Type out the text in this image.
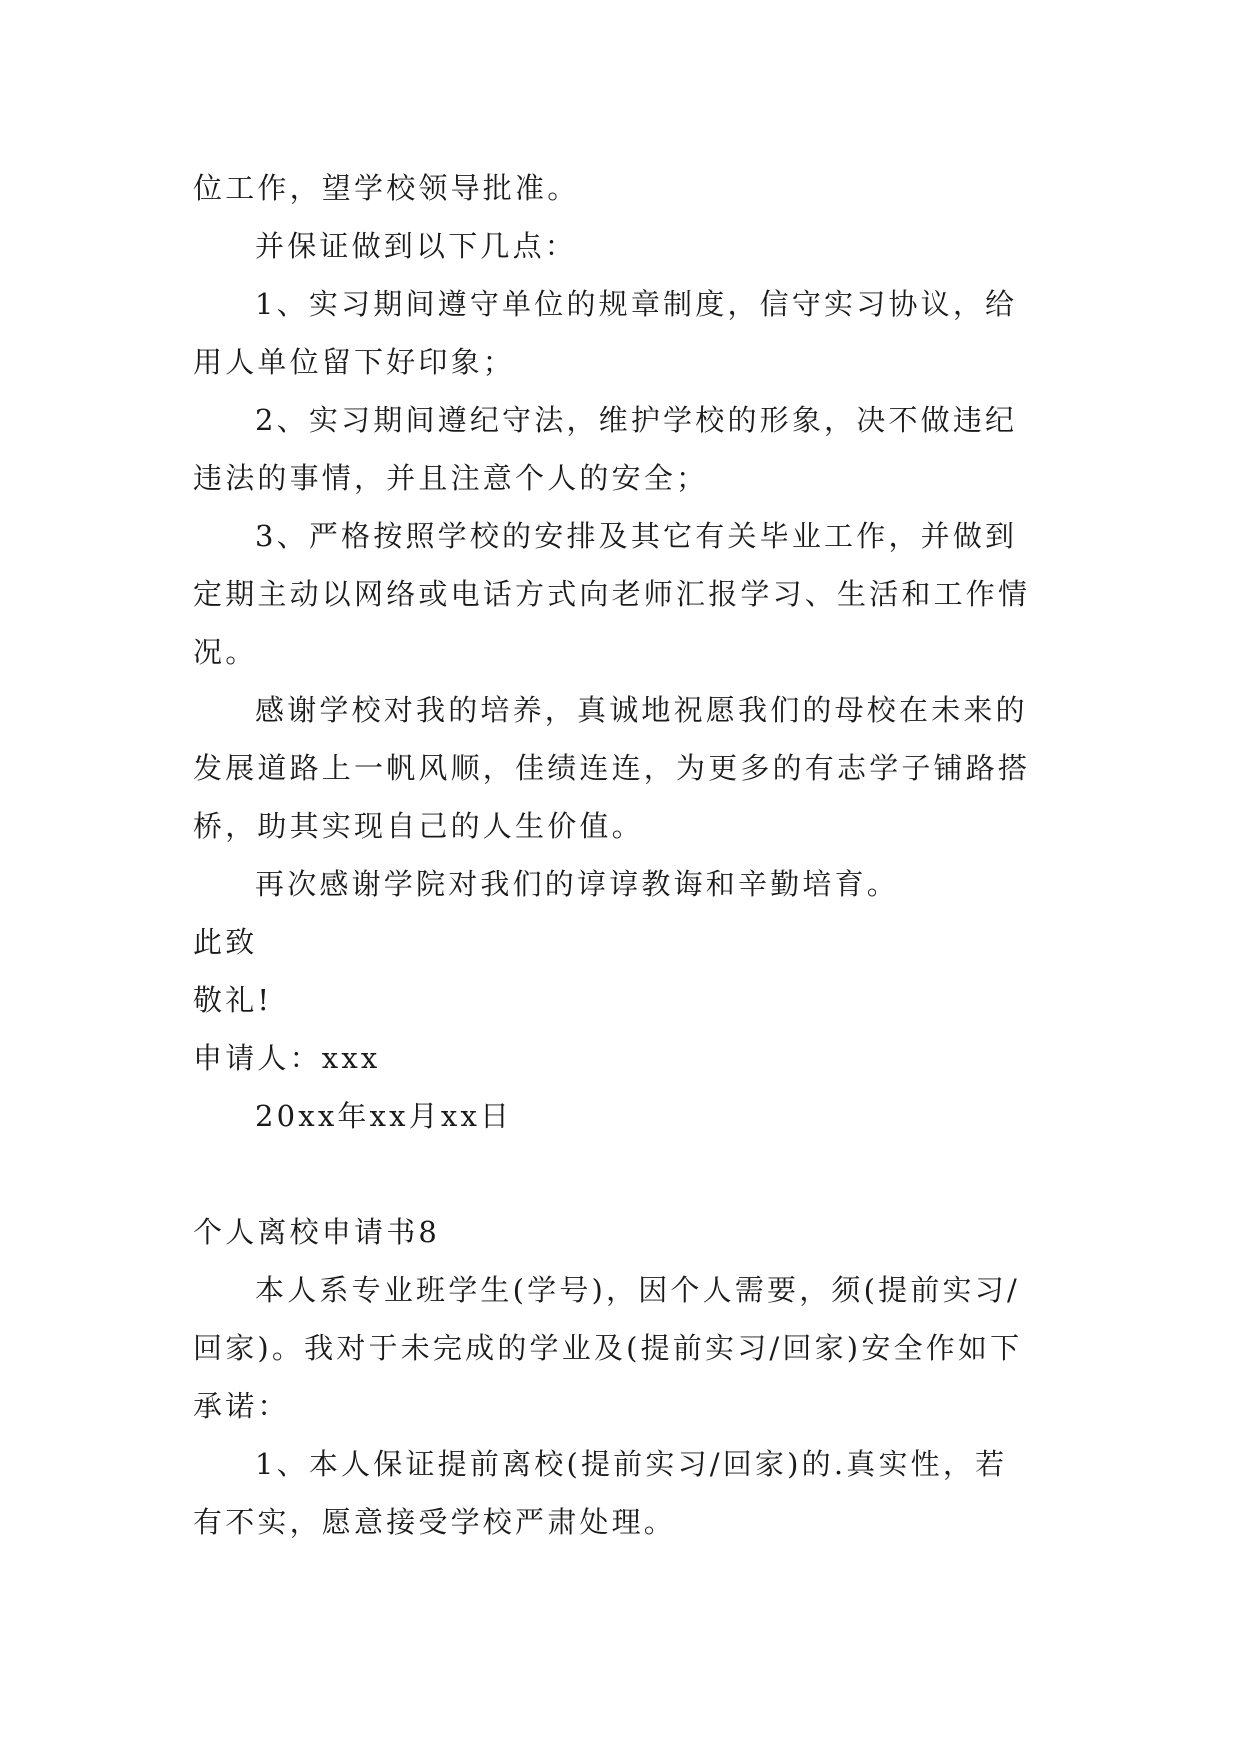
位工作，望学校领导批准。
并保证做到以下几点：
1、实习期间遵守单位的规章制度，信守实习协议，给
用人单位留下好印象；
2、实习期间遵纪守法，维护学校的形象，决不做违纪
违法的事情，并且注意个人的安全；
3、严格按照学校的安排及其它有关毕业工作，并做到
定期主动以网络或电话方式向老师汇报学习、生活和工作情
况。
感谢学校对我的培养，真诚地祝愿我们的母校在未来的
发展道路上一帆风顺，佳绩连连，为更多的有志学子铺路搭
桥，助其实现自己的人生价值。
再次感谢学院对我们的谆谆教诲和辛勤培育。
此致
敬礼!
申请人：xxx
20xx年xx月xx日
个人离校申请书8
本人系专业班学生(学号)，因个人需要，须(提前实习/
回家)。我对于未完成的学业及(提前实习/回家)安全作如下
承诺：
1、本人保证提前离校(提前实习/回家)的.真实性，若
有不实，愿意接受学校严肃处理。
